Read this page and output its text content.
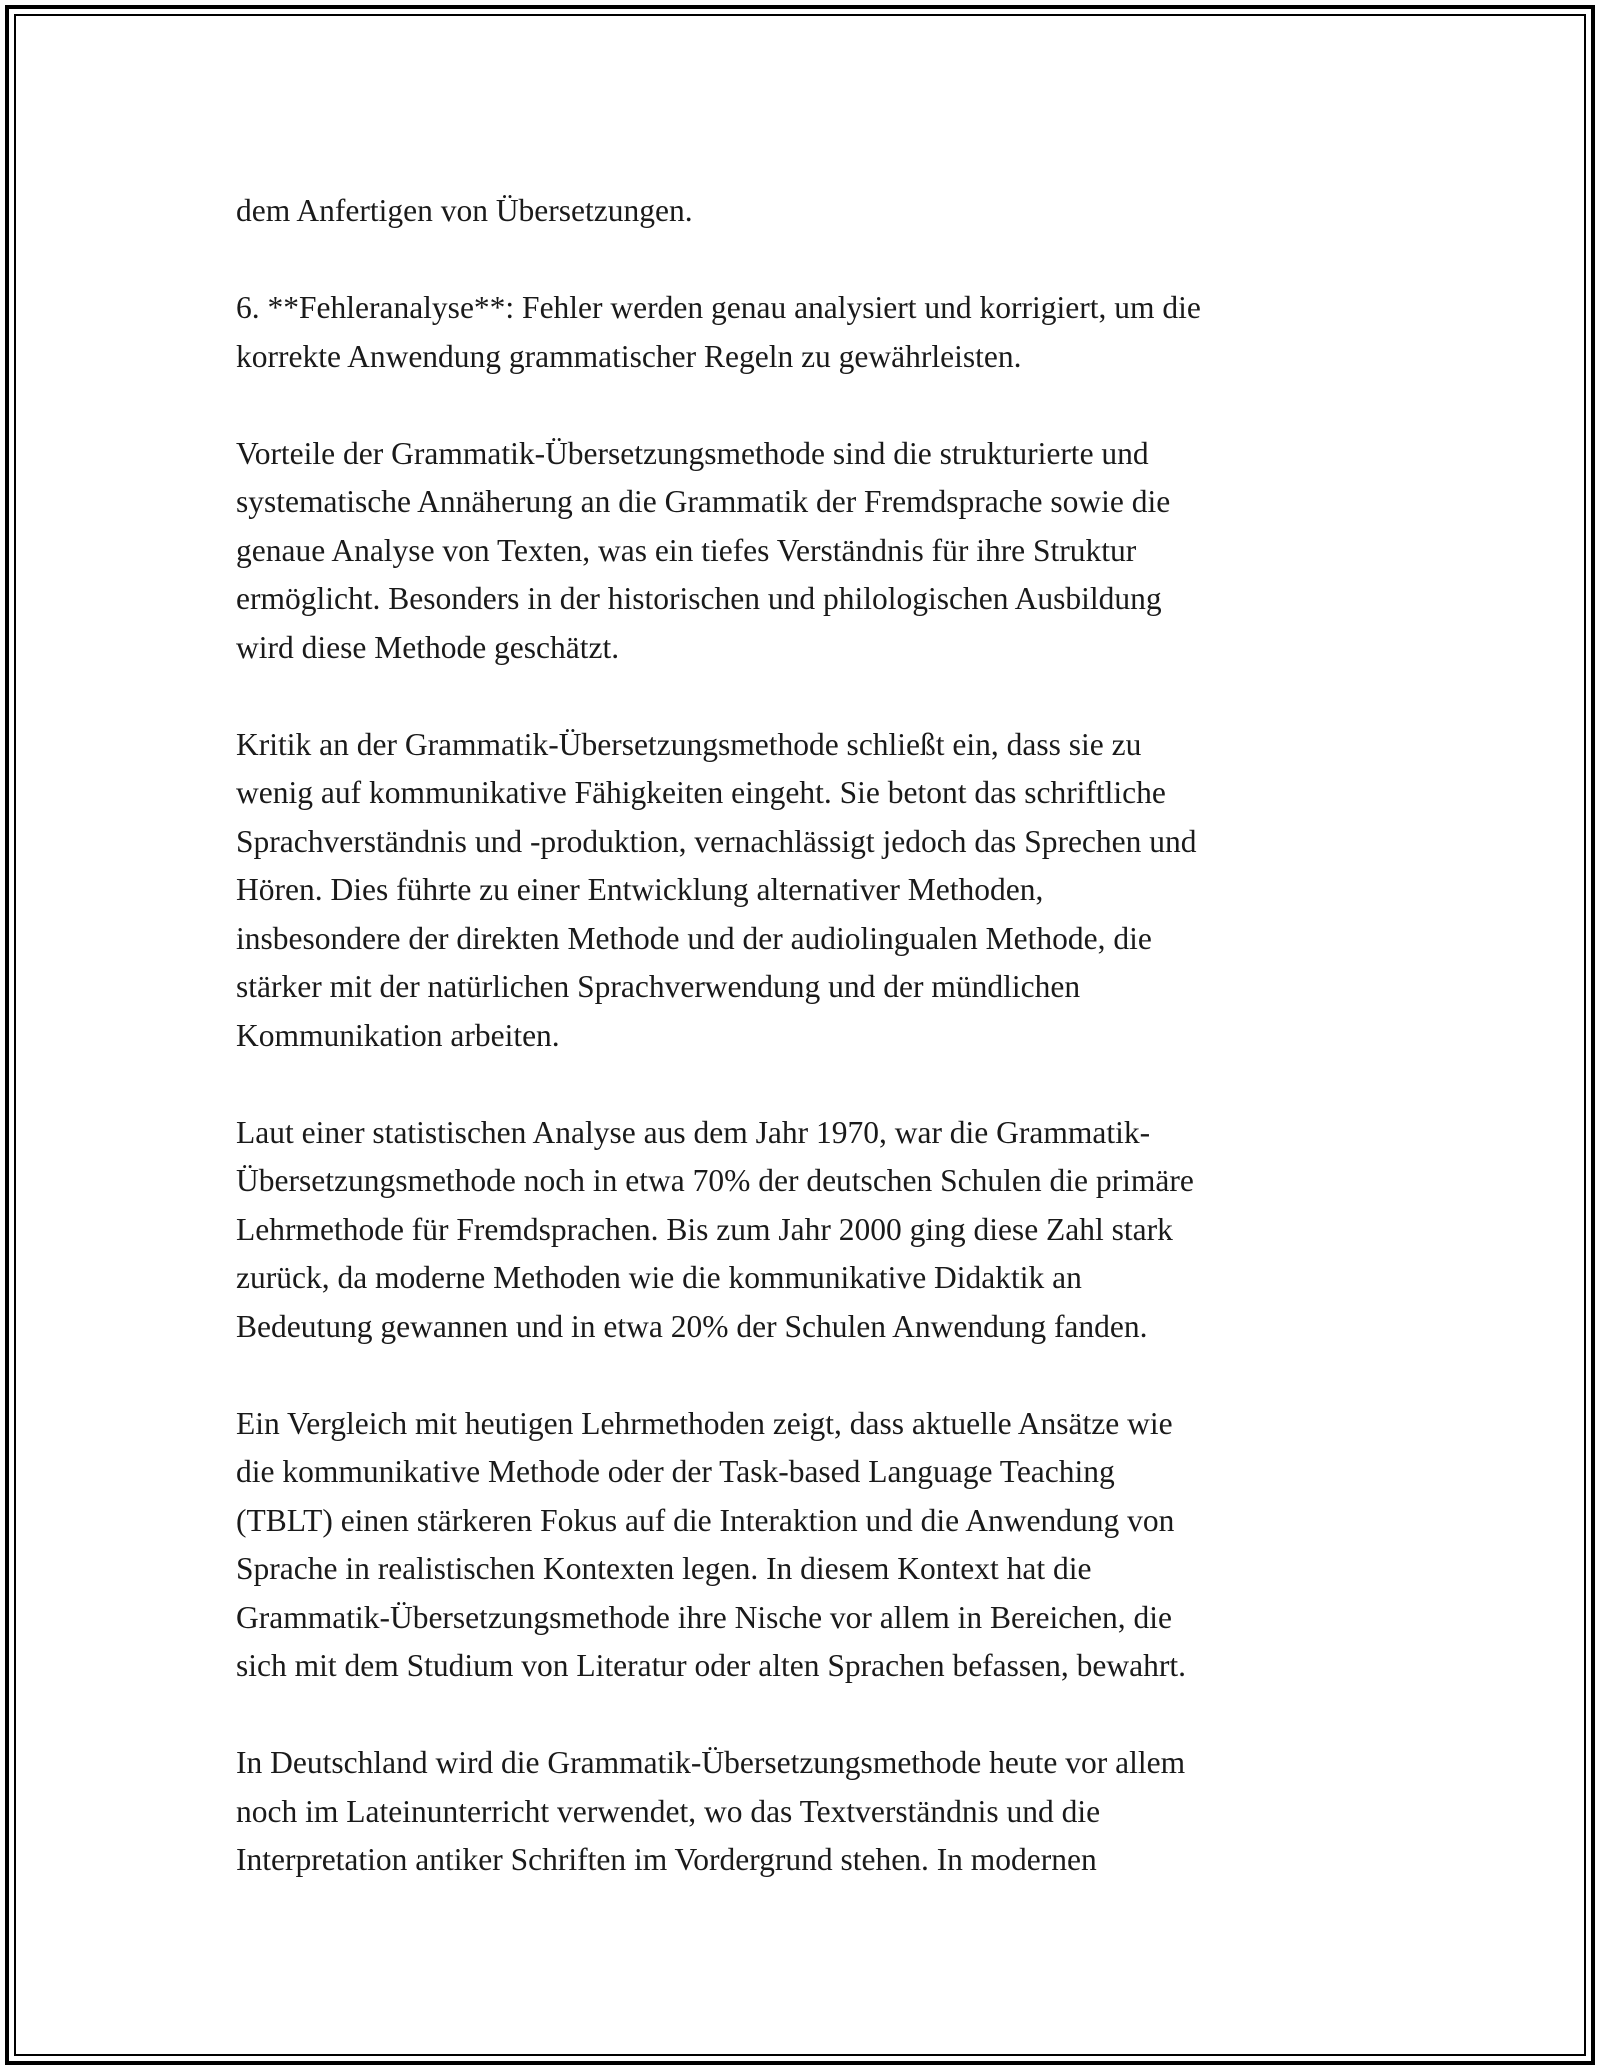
dem Anfertigen von Übersetzungen.

6. **Fehleranalyse**: Fehler werden genau analysiert und korrigiert, um die
korrekte Anwendung grammatischer Regeln zu gewährleisten.

Vorteile der Grammatik-Übersetzungsmethode sind die strukturierte und
systematische Annäherung an die Grammatik der Fremdsprache sowie die
genaue Analyse von Texten, was ein tiefes Verständnis für ihre Struktur
ermöglicht. Besonders in der historischen und philologischen Ausbildung
wird diese Methode geschätzt.

Kritik an der Grammatik-Übersetzungsmethode schließt ein, dass sie zu
wenig auf kommunikative Fähigkeiten eingeht. Sie betont das schriftliche
Sprachverständnis und -produktion, vernachlässigt jedoch das Sprechen und
Hören. Dies führte zu einer Entwicklung alternativer Methoden,
insbesondere der direkten Methode und der audiolingualen Methode, die
stärker mit der natürlichen Sprachverwendung und der mündlichen
Kommunikation arbeiten.

Laut einer statistischen Analyse aus dem Jahr 1970, war die Grammatik-
Übersetzungsmethode noch in etwa 70% der deutschen Schulen die primäre
Lehrmethode für Fremdsprachen. Bis zum Jahr 2000 ging diese Zahl stark
zurück, da moderne Methoden wie die kommunikative Didaktik an
Bedeutung gewannen und in etwa 20% der Schulen Anwendung fanden.

Ein Vergleich mit heutigen Lehrmethoden zeigt, dass aktuelle Ansätze wie
die kommunikative Methode oder der Task-based Language Teaching
(TBLT) einen stärkeren Fokus auf die Interaktion und die Anwendung von
Sprache in realistischen Kontexten legen. In diesem Kontext hat die
Grammatik-Übersetzungsmethode ihre Nische vor allem in Bereichen, die
sich mit dem Studium von Literatur oder alten Sprachen befassen, bewahrt.

In Deutschland wird die Grammatik-Übersetzungsmethode heute vor allem
noch im Lateinunterricht verwendet, wo das Textverständnis und die
Interpretation antiker Schriften im Vordergrund stehen. In modernen
